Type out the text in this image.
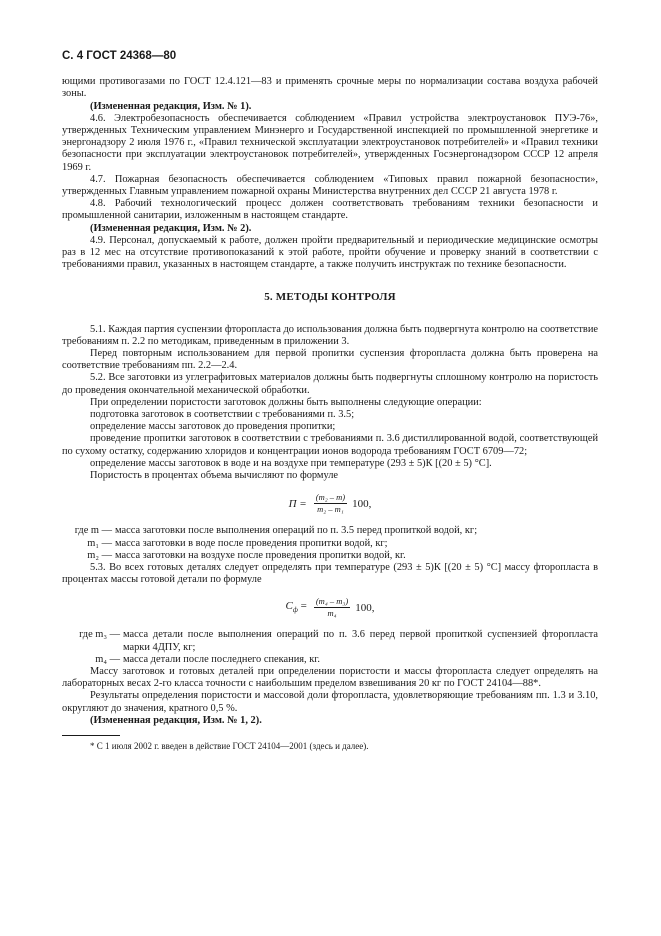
С. 4 ГОСТ 24368—80

ющими противогазами по ГОСТ 12.4.121—83 и применять срочные меры по нормализации состава воздуха рабочей зоны.

(Измененная редакция, Изм. № 1).

4.6. Электробезопасность обеспечивается соблюдением «Правил устройства электроустановок ПУЭ-76», утвержденных Техническим управлением Минэнерго и Государственной инспекцией по промышленной энергетике и энергонадзору 2 июля 1976 г., «Правил технической эксплуатации электроустановок потребителей» и «Правил техники безопасности при эксплуатации электроустановок потребителей», утвержденных Госэнергонадзором СССР 12 апреля 1969 г.

4.7. Пожарная безопасность обеспечивается соблюдением «Типовых правил пожарной безопасности», утвержденных Главным управлением пожарной охраны Министерства внутренних дел СССР 21 августа 1978 г.

4.8. Рабочий технологический процесс должен соответствовать требованиям техники безопасности и промышленной санитарии, изложенным в настоящем стандарте.

(Измененная редакция, Изм. № 2).

4.9. Персонал, допускаемый к работе, должен пройти предварительный и периодические медицинские осмотры раз в 12 мес на отсутствие противопоказаний к этой работе, пройти обучение и проверку знаний в соответствии с требованиями правил, указанных в настоящем стандарте, а также получить инструктаж по технике безопасности.

5. МЕТОДЫ КОНТРОЛЯ

5.1. Каждая партия суспензии фторопласта до использования должна быть подвергнута контролю на соответствие требованиям п. 2.2 по методикам, приведенным в приложении 3.

Перед повторным использованием для первой пропитки суспензия фторопласта должна быть проверена на соответствие требованиям пп. 2.2—2.4.

5.2. Все заготовки из углеграфитовых материалов должны быть подвергнуты сплошному контролю на пористость до проведения окончательной механической обработки.

При определении пористости заготовок должны быть выполнены следующие операции:

подготовка заготовок в соответствии с требованиями п. 3.5;

определение массы заготовок до проведения пропитки;

проведение пропитки заготовок в соответствии с требованиями п. 3.6 дистиллированной водой, соответствующей по сухому остатку, содержанию хлоридов и концентрации ионов водорода требованиям ГОСТ 6709—72;

определение массы заготовок в воде и на воздухе при температуре (293 ± 5)К [(20 ± 5) °С].

Пористость в процентах объема вычисляют по формуле

$П = \frac{\text{(m₂ – m)}}{\text{m₂ – m₁}} 100$,
где m — масса заготовки после выполнения операций по п. 3.5 перед пропиткой водой, кг;
m₁ — масса заготовки в воде после проведения пропитки водой, кг;
m₂ — масса заготовки на воздухе после проведения пропитки водой, кг.

5.3. Во всех готовых деталях следует определять при температуре (293 ± 5)К [(20 ± 5) °С] массу фторопласта в процентах массы готовой детали по формуле

$C_ф = \frac{\text{(m₄ – m₃)}}{\text{m₄}} 100$,
где m₃ — масса детали после выполнения операций по п. 3.6 перед первой пропиткой суспензией фторопласта марки 4ДПУ, кг;
m₄ — масса детали после последнего спекания, кг.

Массу заготовок и готовых деталей при определении пористости и массы фторопласта следует определять на лабораторных весах 2-го класса точности с наибольшим пределом взвешивания 20 кг по ГОСТ 24104—88*.

Результаты определения пористости и массовой доли фторопласта, удовлетворяющие требованиям пп. 1.3 и 3.10, округляют до значения, кратного 0,5 %.

(Измененная редакция, Изм. № 1, 2).

* С 1 июля 2002 г. введен в действие ГОСТ 24104—2001 (здесь и далее).
